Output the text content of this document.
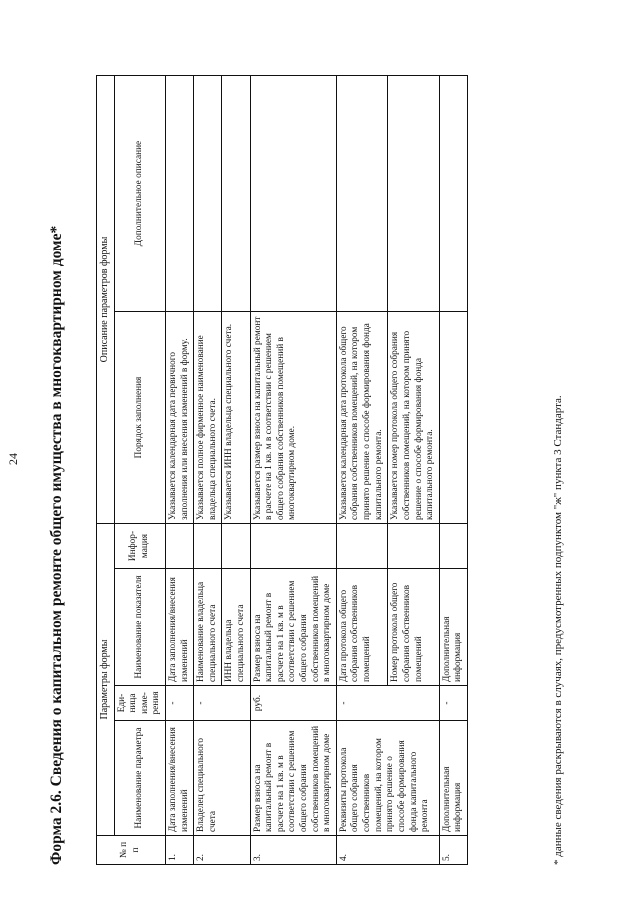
24 Форма 2.6. Сведения о капитальном ремонте общего имущества в многоквартирном доме*	№ п п	Параметры формы				Описание параметров формы	
	Наименование параметра	Еди- ница изме- рения	Наименование показателя	Инфор- мация	Порядок заполнения	Дополнительное описание
1.	Дата заполнения/внесения изменений	-	Дата заполнения/внесения изменений		Указывается календарная дата первичного заполнения или внесения изменений в форму.	
2.	Владелец специального счета	-	Наименование владельца специального счета		Указывается полное фирменное наименование владельца специального счета.	
			ИНН владельца специального счета		Указывается ИНН владельца специального счета.	
3.	Размер взноса на капитальный ремонт в расчете на 1 кв. м в соответствии с решением общего собрания собственников помещений в многоквартирном доме	руб.	Размер взноса на капитальный ремонт в расчете на 1 кв. м в соответствии с решением общего собрания собственников помещений в многоквартирном доме		Указывается размер взноса на капитальный ремонт в расчете на 1 кв. м в соответствии с решением общего собрания собственников помещений в многоквартирном доме.	
4.	Реквизиты протокола общего собрания собственников помещений, на котором принято решение о способе формирования фонда капитального ремонта	-	Дата протокола общего собрания собственников помещений		Указывается календарная дата протокола общего собрания собственников помещений, на котором принято решение о способе формирования фонда капитального ремонта.	
			Номер протокола общего собрания собственников помещений		Указывается номер протокола общего собрания собственников помещений, на котором принято решение о способе формирования фонда капитального ремонта.	
5.	Дополнительная информация	-	Дополнительная информация				* данные сведения раскрываются в случаях, предусмотренных подпунктом "ж" пункта 3 Стандарта.
